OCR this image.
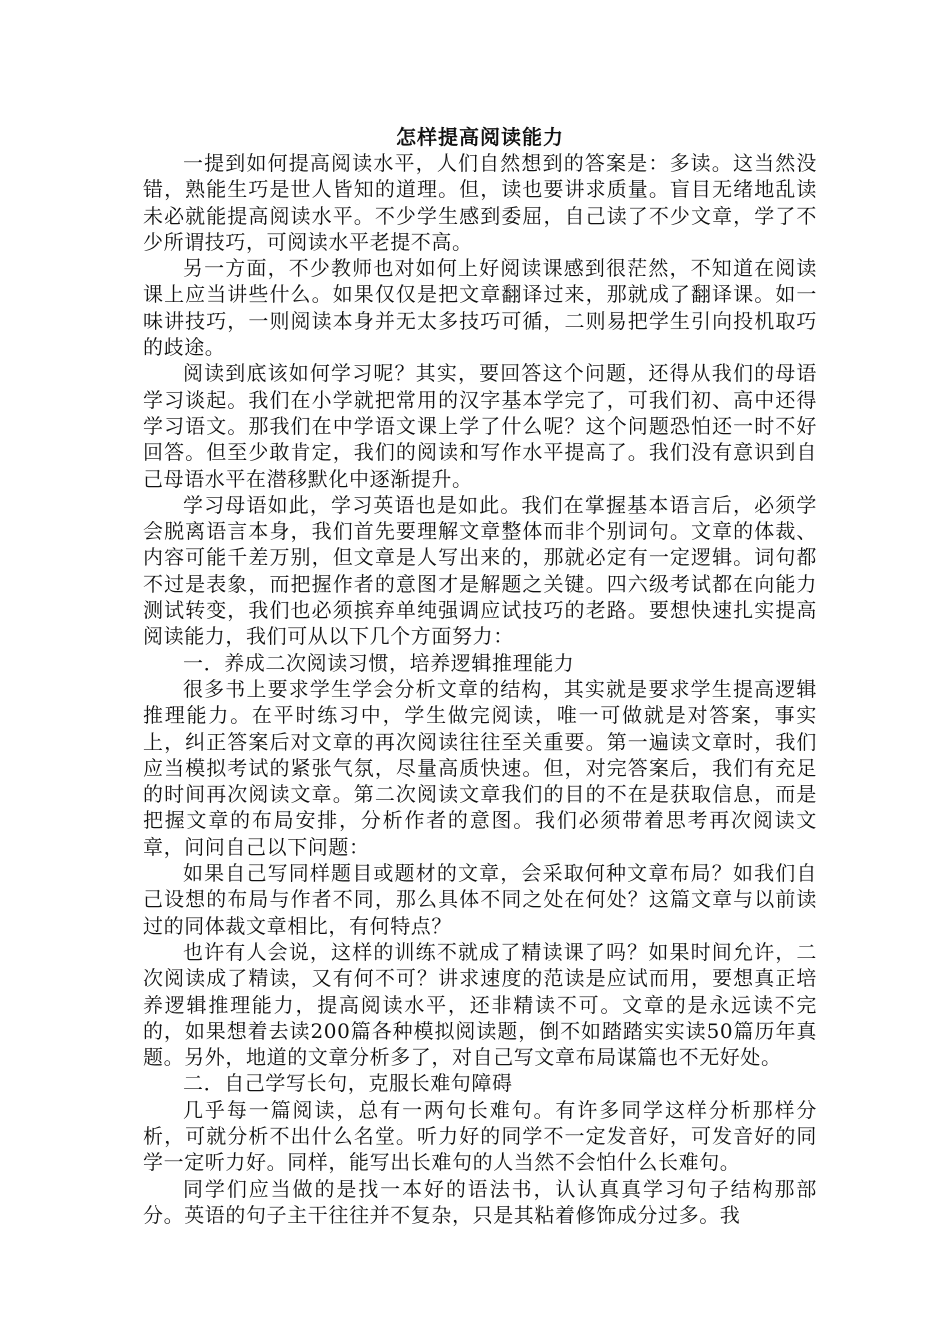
怎样提高阅读能力

一提到如何提高阅读水平，人们自然想到的答案是：多读。这当然没错，熟能生巧是世人皆知的道理。但，读也要讲求质量。盲目无绪地乱读未必就能提高阅读水平。不少学生感到委屈，自己读了不少文章，学了不少所谓技巧，可阅读水平老提不高。

另一方面，不少教师也对如何上好阅读课感到很茫然，不知道在阅读课上应当讲些什么。如果仅仅是把文章翻译过来，那就成了翻译课。如一味讲技巧，一则阅读本身并无太多技巧可循，二则易把学生引向投机取巧的歧途。

阅读到底该如何学习呢？其实，要回答这个问题，还得从我们的母语学习谈起。我们在小学就把常用的汉字基本学完了，可我们初、高中还得学习语文。那我们在中学语文课上学了什么呢？这个问题恐怕还一时不好回答。但至少敢肯定，我们的阅读和写作水平提高了。我们没有意识到自己母语水平在潜移默化中逐渐提升。

学习母语如此，学习英语也是如此。我们在掌握基本语言后，必须学会脱离语言本身，我们首先要理解文章整体而非个别词句。文章的体裁、内容可能千差万别，但文章是人写出来的，那就必定有一定逻辑。词句都不过是表象，而把握作者的意图才是解题之关键。四六级考试都在向能力测试转变，我们也必须摈弃单纯强调应试技巧的老路。要想快速扎实提高阅读能力，我们可从以下几个方面努力：

一．养成二次阅读习惯，培养逻辑推理能力

很多书上要求学生学会分析文章的结构，其实就是要求学生提高逻辑推理能力。在平时练习中，学生做完阅读，唯一可做就是对答案，事实上，纠正答案后对文章的再次阅读往往至关重要。第一遍读文章时，我们应当模拟考试的紧张气氛，尽量高质快速。但，对完答案后，我们有充足的时间再次阅读文章。第二次阅读文章我们的目的不在是获取信息，而是把握文章的布局安排，分析作者的意图。我们必须带着思考再次阅读文章，问问自己以下问题：

如果自己写同样题目或题材的文章，会采取何种文章布局？如我们自己设想的布局与作者不同，那么具体不同之处在何处？这篇文章与以前读过的同体裁文章相比，有何特点？

也许有人会说，这样的训练不就成了精读课了吗？如果时间允许，二次阅读成了精读，又有何不可？讲求速度的范读是应试而用，要想真正培养逻辑推理能力，提高阅读水平，还非精读不可。文章的是永远读不完的，如果想着去读200篇各种模拟阅读题，倒不如踏踏实实读50篇历年真题。另外，地道的文章分析多了，对自己写文章布局谋篇也不无好处。

二．自己学写长句，克服长难句障碍

几乎每一篇阅读，总有一两句长难句。有许多同学这样分析那样分析，可就分析不出什么名堂。听力好的同学不一定发音好，可发音好的同学一定听力好。同样，能写出长难句的人当然不会怕什么长难句。

同学们应当做的是找一本好的语法书，认认真真学习句子结构那部分。英语的句子主干往往并不复杂，只是其粘着修饰成分过多。我
